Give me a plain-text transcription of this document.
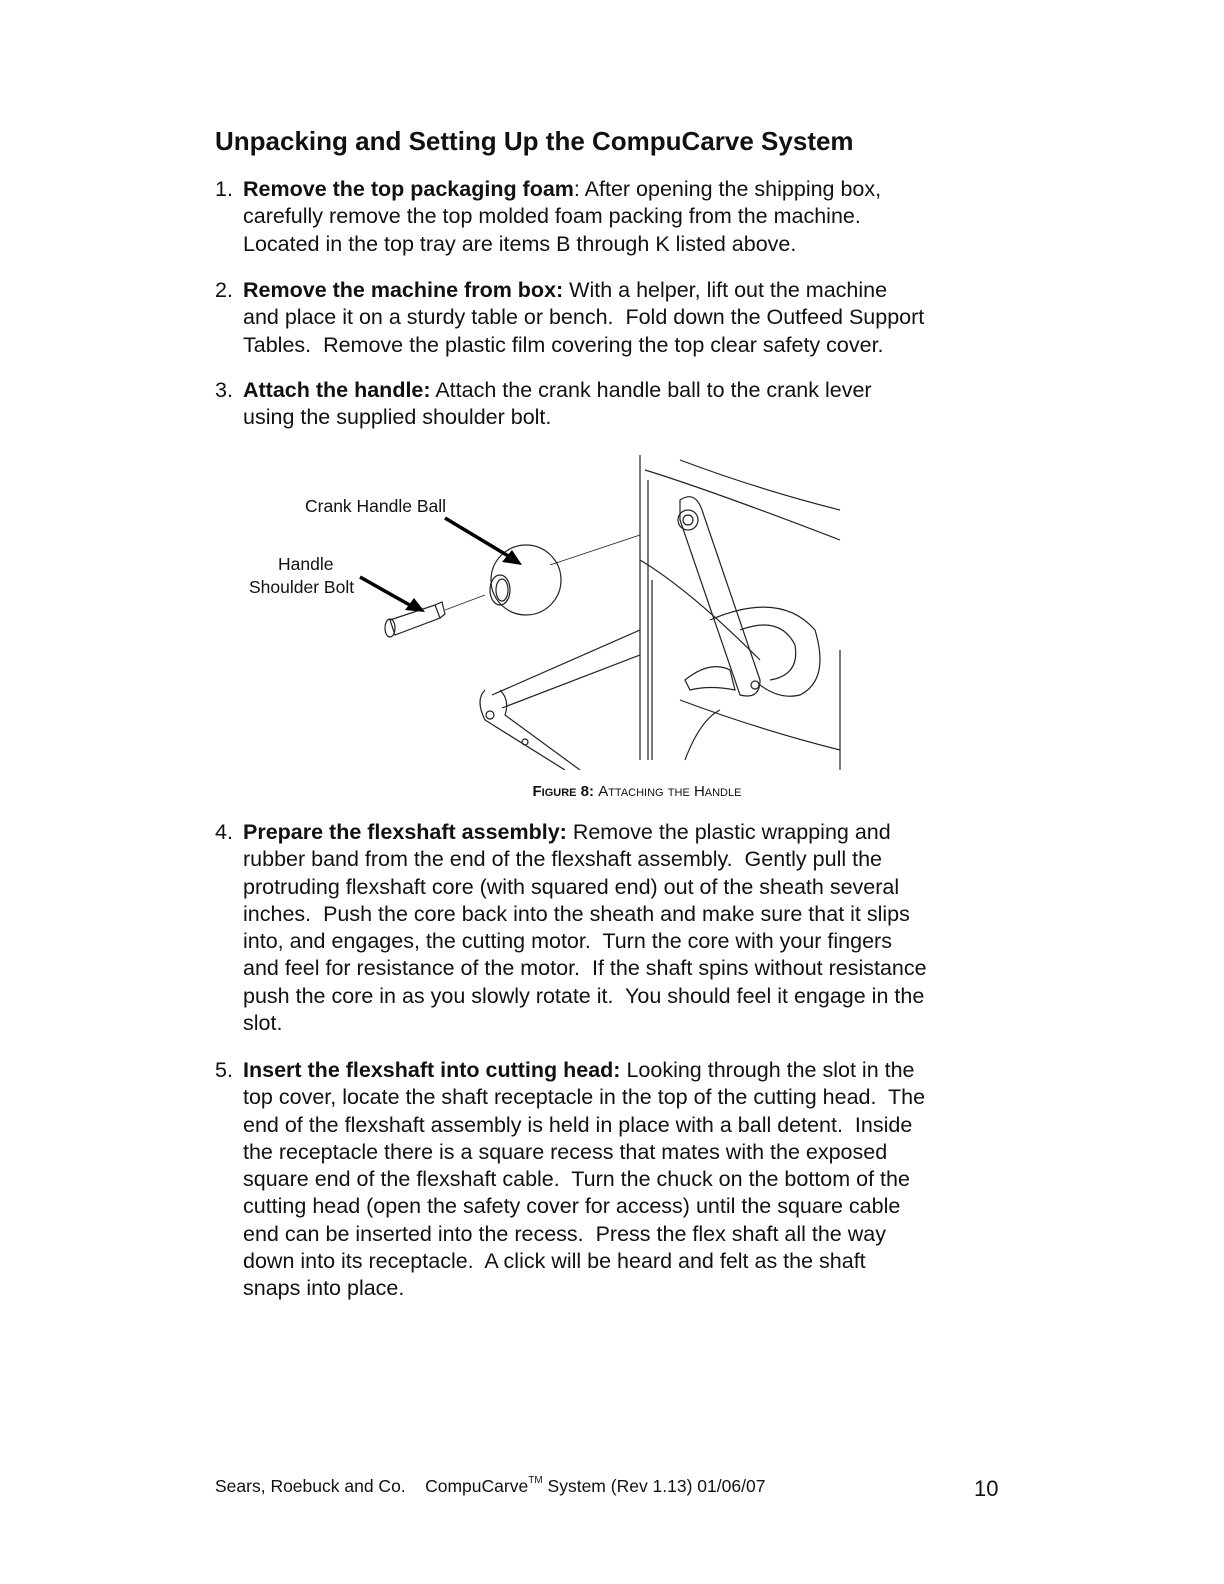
Unpacking and Setting Up the CompuCarve System
1. Remove the top packaging foam: After opening the shipping box,
carefully remove the top molded foam packing from the machine.
Located in the top tray are items B through K listed above.
2. Remove the machine from box: With a helper, lift out the machine
and place it on a sturdy table or bench.  Fold down the Outfeed Support
Tables.  Remove the plastic film covering the top clear safety cover.
3. Attach the handle: Attach the crank handle ball to the crank lever
using the supplied shoulder bolt.
4. Prepare the flexshaft assembly: Remove the plastic wrapping and
rubber band from the end of the flexshaft assembly.  Gently pull the
protruding flexshaft core (with squared end) out of the sheath several
inches.  Push the core back into the sheath and make sure that it slips
into, and engages, the cutting motor.  Turn the core with your fingers
and feel for resistance of the motor.  If the shaft spins without resistance
push the core in as you slowly rotate it.  You should feel it engage in the
slot.
5. Insert the flexshaft into cutting head: Looking through the slot in the
top cover, locate the shaft receptacle in the top of the cutting head.  The
end of the flexshaft assembly is held in place with a ball detent.  Inside
the receptacle there is a square recess that mates with the exposed
square end of the flexshaft cable.  Turn the chuck on the bottom of the
cutting head (open the safety cover for access) until the square cable
end can be inserted into the recess.  Press the flex shaft all the way
down into its receptacle.  A click will be heard and felt as the shaft
snaps into place.
Crank Handle Ball
Handle
Shoulder Bolt
Figure 8: Attaching the Handle
Sears, Roebuck and Co.    CompuCarve™ System (Rev 1.13) 01/06/07	10
